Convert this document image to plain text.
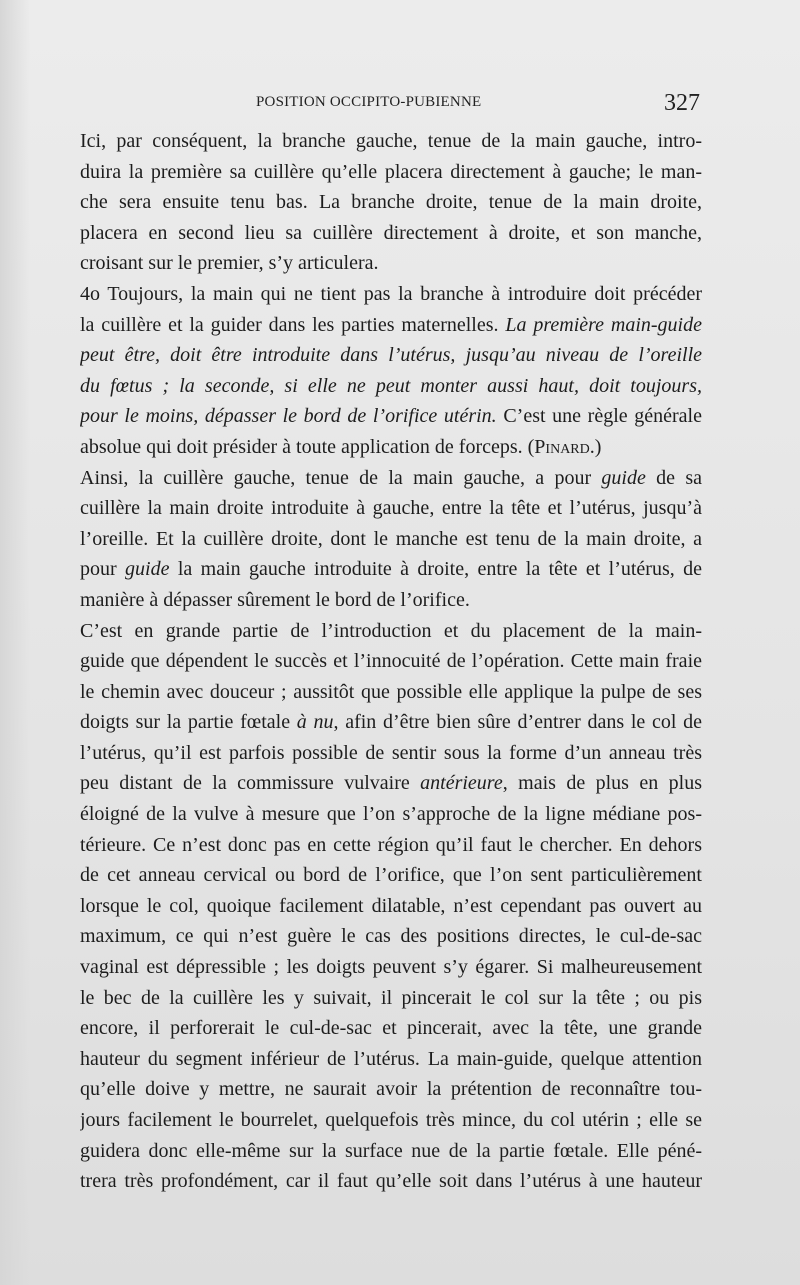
POSITION OCCIPITO-PUBIENNE	327
Ici, par conséquent, la branche gauche, tenue de la main gauche, intro-
duira la première sa cuillère qu’elle placera directement à gauche; le man-
che sera ensuite tenu bas. La branche droite, tenue de la main droite,
placera en second lieu sa cuillère directement à droite, et son manche,
croisant sur le premier, s’y articulera.
4o Toujours, la main qui ne tient pas la branche à introduire doit précéder
la cuillère et la guider dans les parties maternelles. La première main-guide
peut être, doit être introduite dans l’utérus, jusqu’au niveau de l’oreille
du fœtus ; la seconde, si elle ne peut monter aussi haut, doit toujours,
pour le moins, dépasser le bord de l’orifice utérin. C’est une règle générale
absolue qui doit présider à toute application de forceps. (Pinard.)
Ainsi, la cuillère gauche, tenue de la main gauche, a pour guide de sa
cuillère la main droite introduite à gauche, entre la tête et l’utérus, jusqu’à
l’oreille. Et la cuillère droite, dont le manche est tenu de la main droite, a
pour guide la main gauche introduite à droite, entre la tête et l’utérus, de
manière à dépasser sûrement le bord de l’orifice.
C’est en grande partie de l’introduction et du placement de la main-
guide que dépendent le succès et l’innocuité de l’opération. Cette main fraie
le chemin avec douceur ; aussitôt que possible elle applique la pulpe de ses
doigts sur la partie fœtale à nu, afin d’être bien sûre d’entrer dans le col de
l’utérus, qu’il est parfois possible de sentir sous la forme d’un anneau très
peu distant de la commissure vulvaire antérieure, mais de plus en plus
éloigné de la vulve à mesure que l’on s’approche de la ligne médiane pos-
térieure. Ce n’est donc pas en cette région qu’il faut le chercher. En dehors
de cet anneau cervical ou bord de l’orifice, que l’on sent particulièrement
lorsque le col, quoique facilement dilatable, n’est cependant pas ouvert au
maximum, ce qui n’est guère le cas des positions directes, le cul-de-sac
vaginal est dépressible ; les doigts peuvent s’y égarer. Si malheureusement
le bec de la cuillère les y suivait, il pincerait le col sur la tête ; ou pis
encore, il perforerait le cul-de-sac et pincerait, avec la tête, une grande
hauteur du segment inférieur de l’utérus. La main-guide, quelque attention
qu’elle doive y mettre, ne saurait avoir la prétention de reconnaître tou-
jours facilement le bourrelet, quelquefois très mince, du col utérin ; elle se
guidera donc elle-même sur la surface nue de la partie fœtale. Elle péné-
trera très profondément, car il faut qu’elle soit dans l’utérus à une hauteur
